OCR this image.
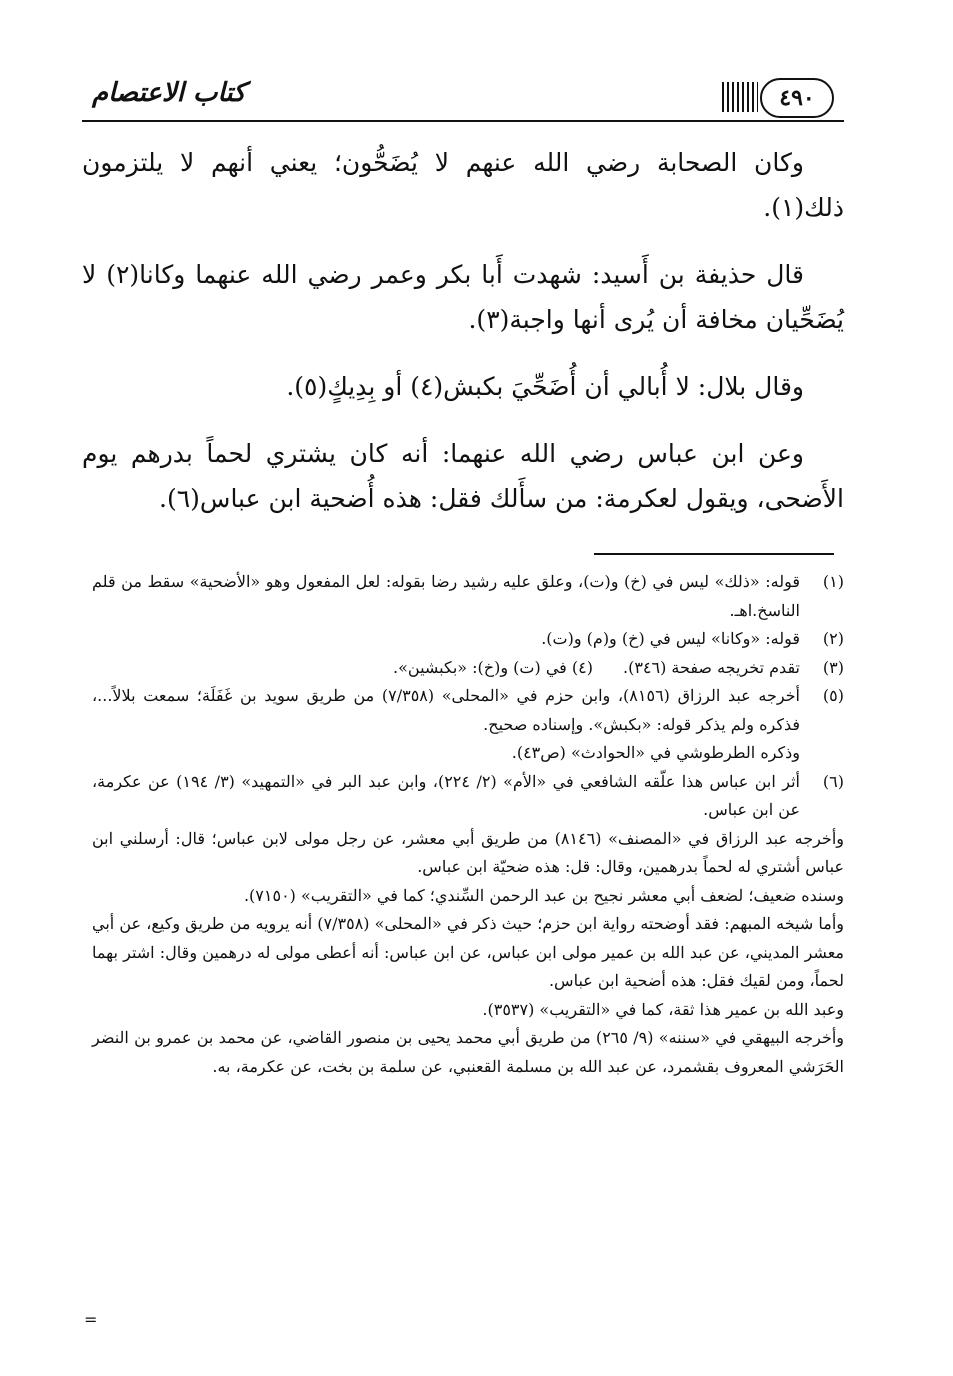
كتاب الاعتصام	٤٩٠

وكان الصحابة رضي الله عنهم لا يُضَحُّون؛ يعني أنهم لا يلتزمون ذلك(١).

قال حذيفة بن أَسيد: شهدت أَبا بكر وعمر رضي الله عنهما وكانا(٢) لا يُضَحِّيان مخافة أن يُرى أنها واجبة(٣).

وقال بلال: لا أُبالي أن أُضَحِّيَ بكبش(٤) أو بِدِيكٍ(٥).

وعن ابن عباس رضي الله عنهما: أنه كان يشتري لحماً بدرهم يوم الأَضحى، ويقول لعكرمة: من سأَلك فقل: هذه أُضحية ابن عباس(٦).

(١)
قوله: «ذلك» ليس في (خ) و(ت)، وعلق عليه رشيد رضا بقوله: لعل المفعول وهو «الأضحية» سقط من قلم الناسخ.اهـ.
(٢)
قوله: «وكانا» ليس في (خ) و(م) و(ت).
(٣)
تقدم تخريجه صفحة (٣٤٦).
(٤) في (ت) و(خ): «بكبشين».
(٥)
أخرجه عبد الرزاق (٨١٥٦)، وابن حزم في «المحلى» (٧/٣٥٨) من طريق سويد بن غَفَلَة؛ سمعت بلالاً...، فذكره ولم يذكر قوله: «بكبش». وإسناده صحيح.
وذكره الطرطوشي في «الحوادث» (ص٤٣).
(٦)
أثر ابن عباس هذا علّقه الشافعي في «الأم» (٢/ ٢٢٤)، وابن عبد البر في «التمهيد» (٣/ ١٩٤) عن عكرمة، عن ابن عباس.

وأخرجه عبد الرزاق في «المصنف» (٨١٤٦) من طريق أبي معشر، عن رجل مولى لابن عباس؛ قال: أرسلني ابن عباس أشتري له لحماً بدرهمين، وقال: قل: هذه ضحيّة ابن عباس.

وسنده ضعيف؛ لضعف أبي معشر نجيح بن عبد الرحمن السِّندي؛ كما في «التقريب» (٧١٥٠).

وأما شيخه المبهم: فقد أوضحته رواية ابن حزم؛ حيث ذكر في «المحلى» (٧/٣٥٨) أنه يرويه من طريق وكيع، عن أبي معشر المديني، عن عبد الله بن عمير مولى ابن عباس، عن ابن عباس: أنه أعطى مولى له درهمين وقال: اشتر بهما لحماً، ومن لقيك فقل: هذه أضحية ابن عباس.

وعبد الله بن عمير هذا ثقة، كما في «التقريب» (٣٥٣٧).

وأخرجه البيهقي في «سننه» (٩/ ٢٦٥) من طريق أبي محمد يحيى بن منصور القاضي، عن محمد بن عمرو بن النضر الحَرَشي المعروف بقشمرد، عن عبد الله بن مسلمة القعنبي، عن سلمة بن بخت، عن عكرمة، به.

=
